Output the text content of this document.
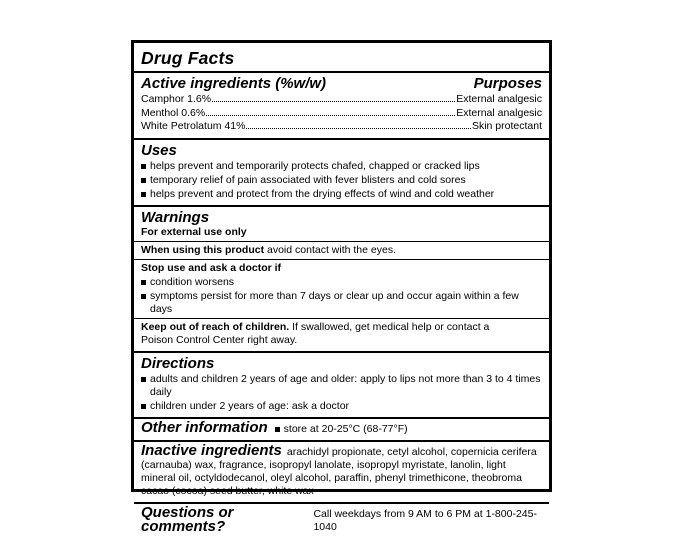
Drug Facts

Active ingredients (%w/w)	Purposes
Camphor 1.6%	External analgesic
Menthol 0.6%	External analgesic
White Petrolatum 41%	Skin protectant

Uses

helps prevent and temporarily protects chafed, chapped or cracked lips
temporary relief of pain associated with fever blisters and cold sores
helps prevent and protect from the drying effects of wind and cold weather

Warnings

For external use only

When using this product avoid contact with the eyes.

Stop use and ask a doctor if

condition worsens
symptoms persist for more than 7 days or clear up and occur again within a few days

Keep out of reach of children. If swallowed, get medical help or contact a Poison Control Center right away.

Directions

adults and children 2 years of age and older: apply to lips not more than 3 to 4 times daily
children under 2 years of age: ask a doctor
Other information store at 20-25°C (68-77°F)

Inactive ingredients arachidyl propionate, cetyl alcohol, copernicia cerifera (carnauba) wax, fragrance, isopropyl lanolate, isopropyl myristate, lanolin, light mineral oil, octyldodecanol, oleyl alcohol, paraffin, phenyl trimethicone, theobroma cacao (cocoa) seed butter, white wax

Questions or comments?
Call weekdays from 9 AM to 6 PM at 1-800-245-1040
